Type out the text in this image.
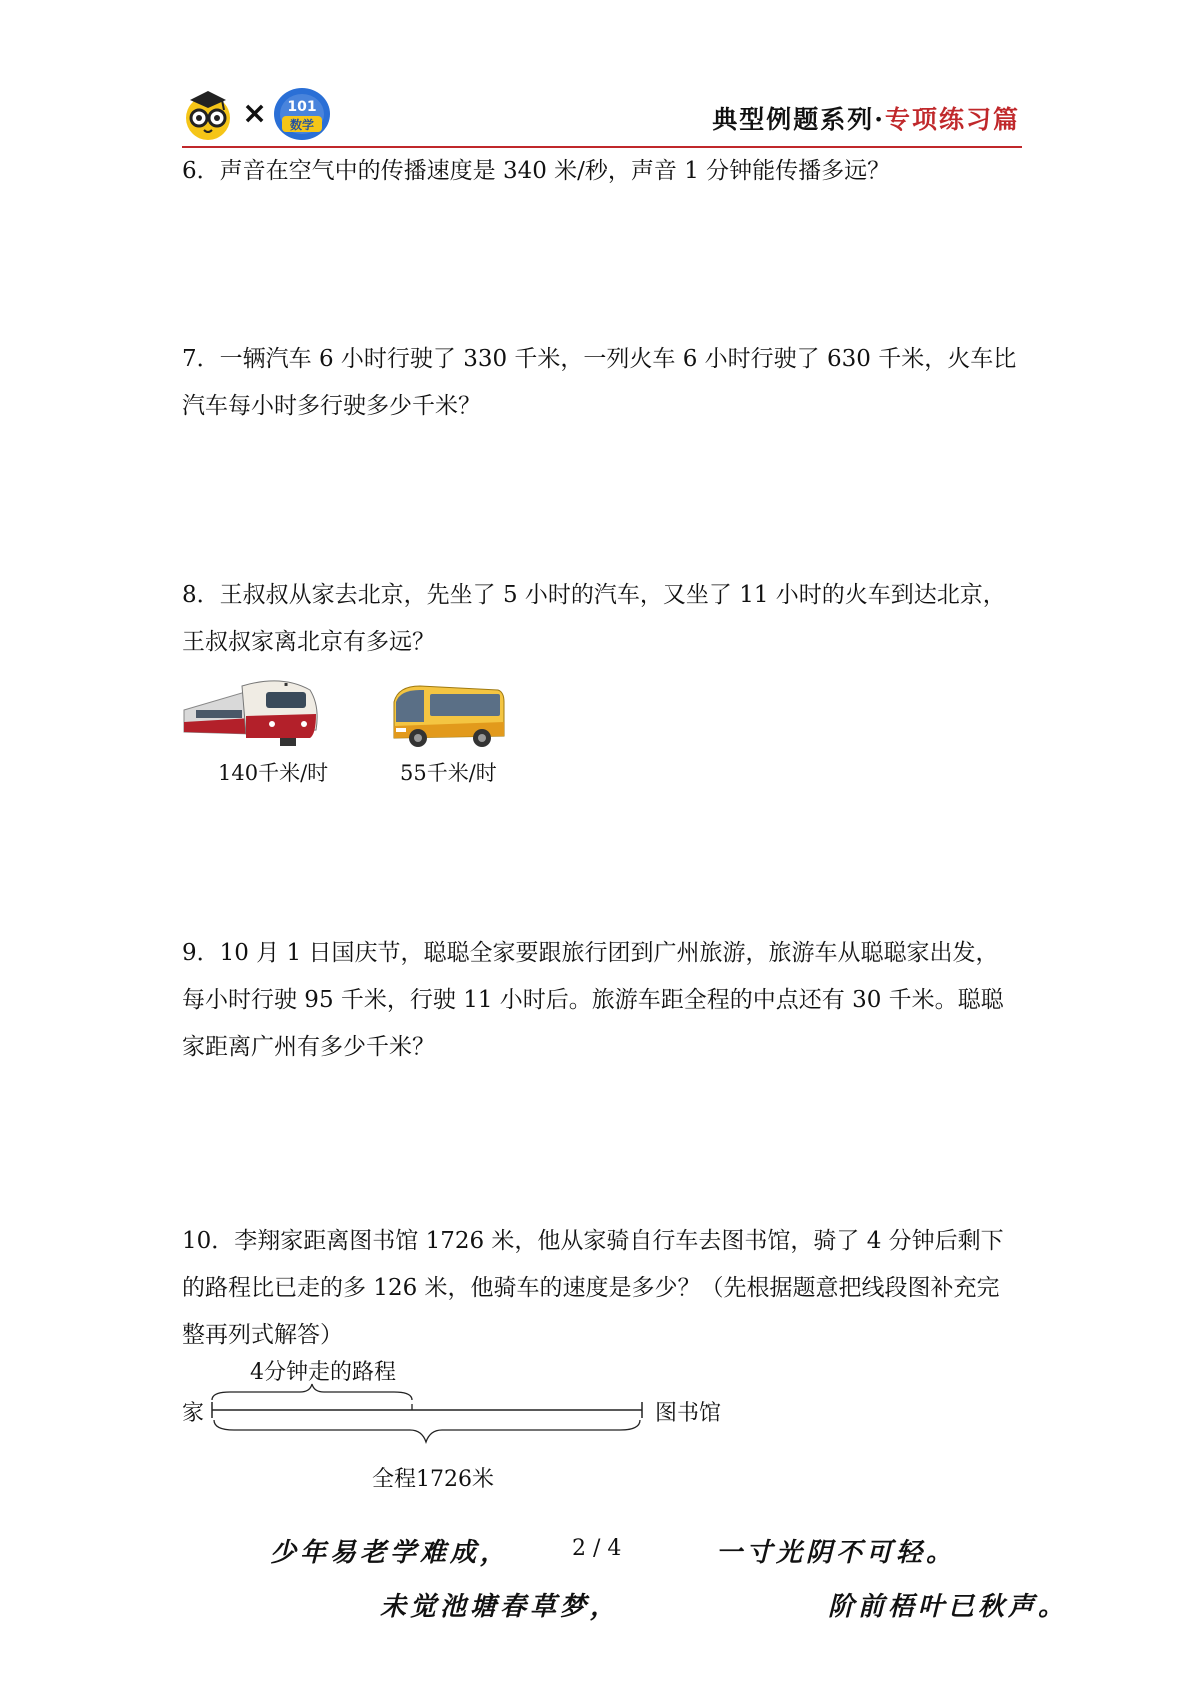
× 101
数学	典型例题系列·专项练习篇

6．声音在空气中的传播速度是 340 米/秒，声音 1 分钟能传播多远？

7．一辆汽车 6 小时行驶了 330 千米，一列火车 6 小时行驶了 630 千米，火车比

汽车每小时多行驶多少千米？

8．王叔叔从家去北京，先坐了 5 小时的汽车，又坐了 11 小时的火车到达北京，

王叔叔家离北京有多远？

▪
140千米/时	55千米/时

9．10 月 1 日国庆节，聪聪全家要跟旅行团到广州旅游，旅游车从聪聪家出发，

每小时行驶 95 千米，行驶 11 小时后。旅游车距全程的中点还有 30 千米。聪聪

家距离广州有多少千米？

10．李翔家距离图书馆 1726 米，他从家骑自行车去图书馆，骑了 4 分钟后剩下

的路程比已走的多 126 米，他骑车的速度是多少？（先根据题意把线段图补充完

整再列式解答）

4分钟走的路程
家	图书馆
全程1726米
少年易老学难成，	2 / 4	一寸光阴不可轻。
未觉池塘春草梦，	阶前梧叶已秋声。
